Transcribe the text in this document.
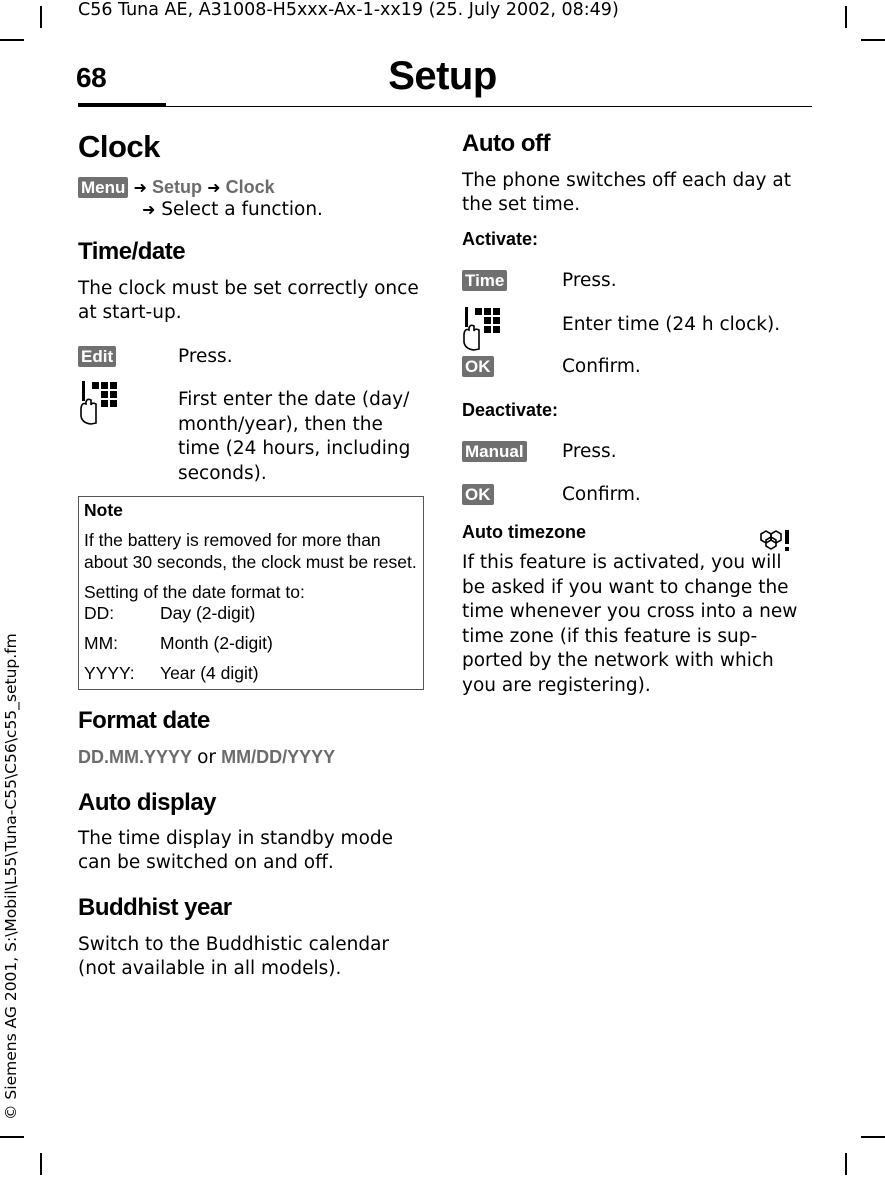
C56 Tuna AE, A31008-H5xxx-Ax-1-xx19 (25. July 2002, 08:49)
68	Setup
© Siemens AG 2001, S:\Mobil\L55\Tuna-C55\C56\c55_setup.fm
Clock
Menu ➜ Setup ➜ Clock
➜ Select a function.
Time/date
The clock must be set correctly once at start-up.
Edit	Press.
First enter the date (day/ month/year), then the time (24 hours, including seconds).
Note
If the battery is removed for more than
about 30 seconds, the clock must be reset.
Setting of the date format to:
DD:	Day (2-digit)
MM: Month (2-digit)
YYYY: Year (4 digit)
Format date
DD.MM.YYYY or MM/DD/YYYY
Auto display
The time display in standby mode can be switched on and off.
Buddhist year
Switch to the Buddhistic calendar (not available in all models).
Auto off
The phone switches off each day at the set time.
Activate:
Time	Press.
Enter time (24 h clock).
OK	Confirm.
Deactivate:
Manual Press.
OK	Confirm.
Auto timezone
If this feature is activated, you will be asked if you want to change the time whenever you cross into a new time zone (if this feature is sup-ported by the network with which you are registering).
